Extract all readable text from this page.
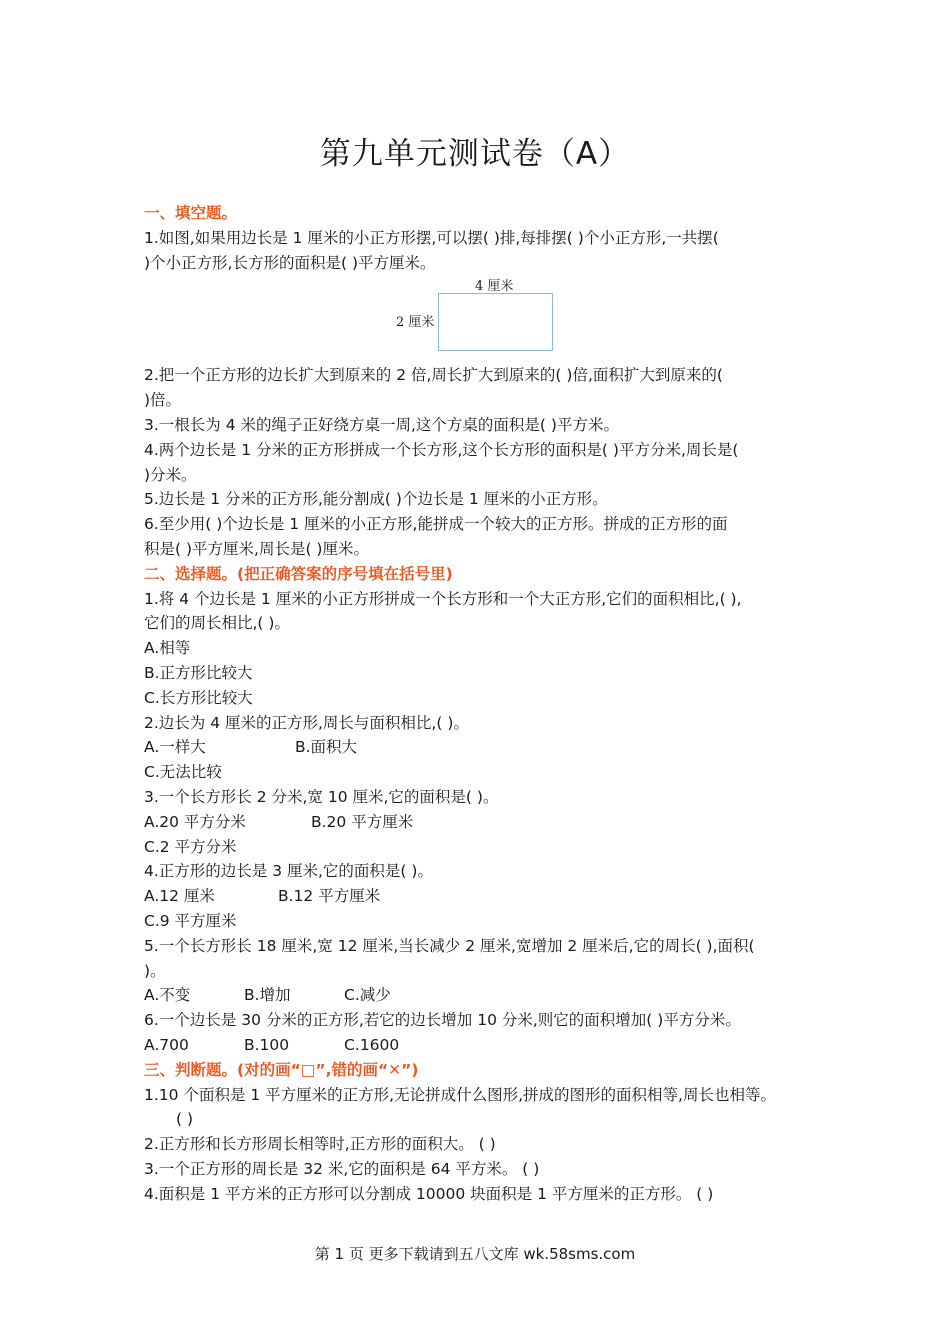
第九单元测试卷（A）
一、填空题。
1.如图,如果用边长是 1 厘米的小正方形摆,可以摆( )排,每排摆( )个小正方形,一共摆(
)个小正方形,长方形的面积是( )平方厘米。
4 厘米
2 厘米
2.把一个正方形的边长扩大到原来的 2 倍,周长扩大到原来的( )倍,面积扩大到原来的(
)倍。
3.一根长为 4 米的绳子正好绕方桌一周,这个方桌的面积是( )平方米。
4.两个边长是 1 分米的正方形拼成一个长方形,这个长方形的面积是( )平方分米,周长是(
)分米。
5.边长是 1 分米的正方形,能分割成( )个边长是 1 厘米的小正方形。
6.至少用( )个边长是 1 厘米的小正方形,能拼成一个较大的正方形。拼成的正方形的面
积是( )平方厘米,周长是( )厘米。
二、选择题。(把正确答案的序号填在括号里)
1.将 4 个边长是 1 厘米的小正方形拼成一个长方形和一个大正方形,它们的面积相比,( ),
它们的周长相比,( )。
A.相等
B.正方形比较大
C.长方形比较大
2.边长为 4 厘米的正方形,周长与面积相比,( )。
A.一样大	B.面积大
C.无法比较
3.一个长方形长 2 分米,宽 10 厘米,它的面积是( )。
A.20 平方分米	B.20 平方厘米
C.2 平方分米
4.正方形的边长是 3 厘米,它的面积是( )。
A.12 厘米	B.12 平方厘米
C.9 平方厘米
5.一个长方形长 18 厘米,宽 12 厘米,当长减少 2 厘米,宽增加 2 厘米后,它的周长( ),面积(
)。
A.不变	B.增加	C.减少
6.一个边长是 30 分米的正方形,若它的边长增加 10 分米,则它的面积增加( )平方分米。
A.700	B.100	C.1600
三、判断题。(对的画“□”,错的画“✕”)
1.10 个面积是 1 平方厘米的正方形,无论拼成什么图形,拼成的图形的面积相等,周长也相等。
( )
2.正方形和长方形周长相等时,正方形的面积大。 ( )
3.一个正方形的周长是 32 米,它的面积是 64 平方米。 ( )
4.面积是 1 平方米的正方形可以分割成 10000 块面积是 1 平方厘米的正方形。 ( )
第 1 页 更多下载请到五八文库 wk.58sms.com
